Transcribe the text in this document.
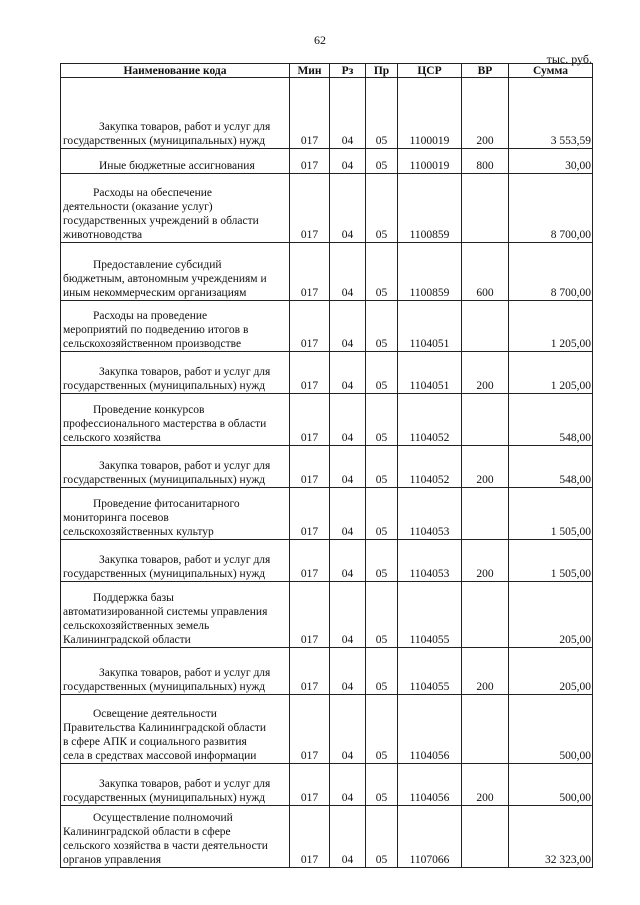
62
тыс. руб.
Наименование кода	Мин	Рз	Пр	ЦСР	ВР	Сумма

Закупка товаров, работ и услуг для
государственных (муниципальных) нужд	017	04	05	1100019	200	3 553,59

Иные бюджетные ассигнования	017	04	05	1100019	800	30,00

Расходы на обеспечение
деятельности (оказание услуг)
государственных учреждений в области
животноводства	017	04	05	1100859		8 700,00

Предоставление субсидий
бюджетным, автономным учреждениям и
иным некоммерческим организациям	017	04	05	1100859	600	8 700,00

Расходы на проведение
мероприятий по подведению итогов в
сельскохозяйственном производстве	017	04	05	1104051		1 205,00

Закупка товаров, работ и услуг для
государственных (муниципальных) нужд	017	04	05	1104051	200	1 205,00

Проведение конкурсов
профессионального мастерства в области
сельского хозяйства	017	04	05	1104052		548,00

Закупка товаров, работ и услуг для
государственных (муниципальных) нужд	017	04	05	1104052	200	548,00

Проведение фитосанитарного
мониторинга посевов
сельскохозяйственных культур	017	04	05	1104053		1 505,00

Закупка товаров, работ и услуг для
государственных (муниципальных) нужд	017	04	05	1104053	200	1 505,00

Поддержка базы
автоматизированной системы управления
сельскохозяйственных земель
Калининградской области	017	04	05	1104055		205,00

Закупка товаров, работ и услуг для
государственных (муниципальных) нужд	017	04	05	1104055	200	205,00

Освещение деятельности
Правительства Калининградской области
в сфере АПК и социального развития
села в средствах массовой информации	017	04	05	1104056		500,00

Закупка товаров, работ и услуг для
государственных (муниципальных) нужд	017	04	05	1104056	200	500,00

Осуществление полномочий
Калининградской области в сфере
сельского хозяйства в части деятельности
органов управления	017	04	05	1107066		32 323,00
